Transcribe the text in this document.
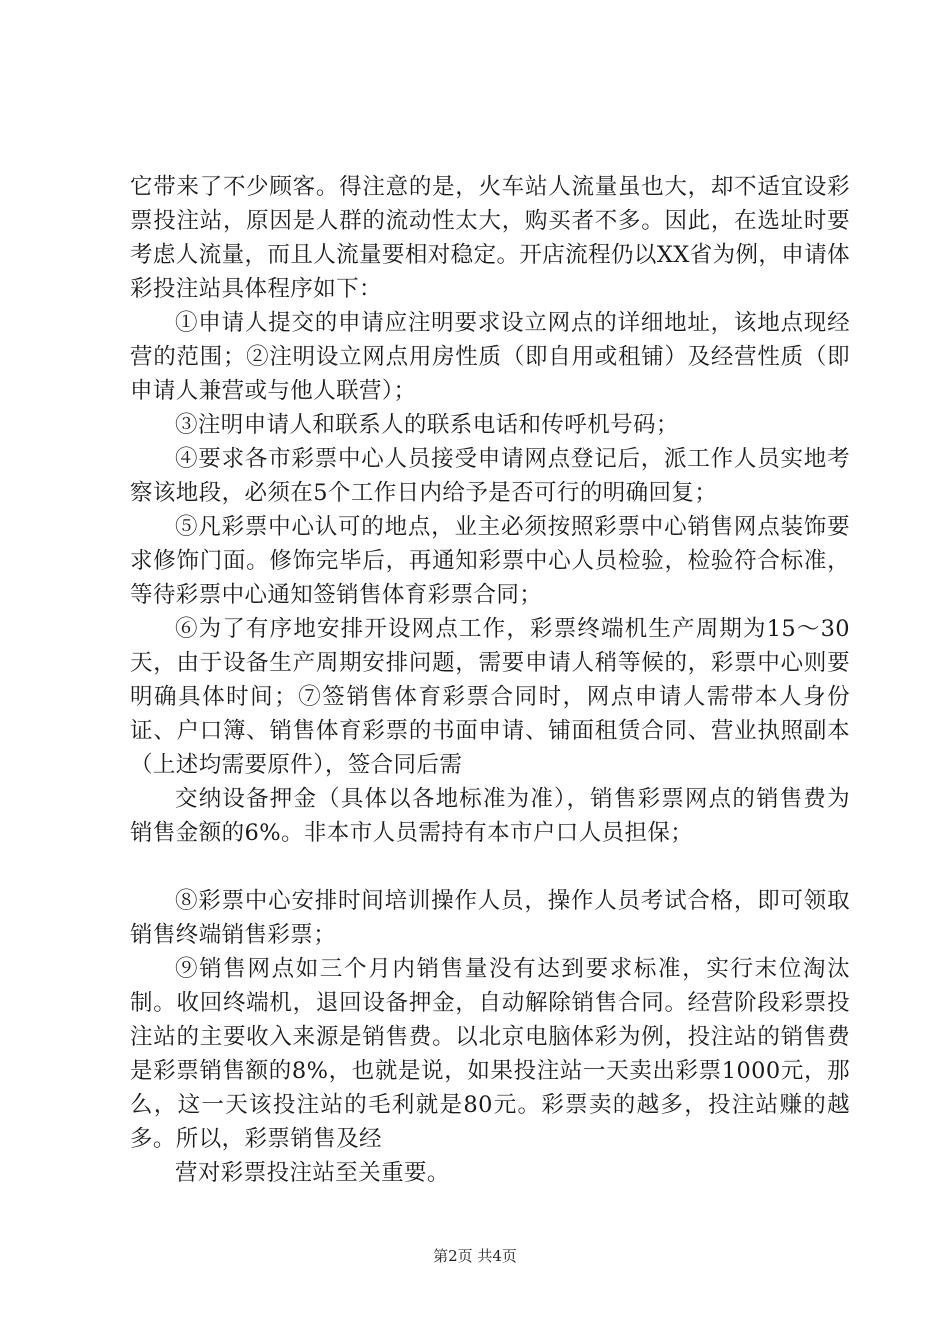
它带来了不少顾客。得注意的是，火车站人流量虽也大，却不适宜设彩票投注站，原因是人群的流动性太大，购买者不多。因此，在选址时要考虑人流量，而且人流量要相对稳定。开店流程仍以XX省为例，申请体彩投注站具体程序如下：

①申请人提交的申请应注明要求设立网点的详细地址，该地点现经营的范围；②注明设立网点用房性质（即自用或租铺）及经营性质（即申请人兼营或与他人联营）；

③注明申请人和联系人的联系电话和传呼机号码；

④要求各市彩票中心人员接受申请网点登记后，派工作人员实地考察该地段，必须在5个工作日内给予是否可行的明确回复；

⑤凡彩票中心认可的地点，业主必须按照彩票中心销售网点装饰要求修饰门面。修饰完毕后，再通知彩票中心人员检验，检验符合标准，等待彩票中心通知签销售体育彩票合同；

⑥为了有序地安排开设网点工作，彩票终端机生产周期为15～30天，由于设备生产周期安排问题，需要申请人稍等候的，彩票中心则要明确具体时间；⑦签销售体育彩票合同时，网点申请人需带本人身份证、户口簿、销售体育彩票的书面申请、铺面租赁合同、营业执照副本（上述均需要原件），签合同后需

交纳设备押金（具体以各地标准为准），销售彩票网点的销售费为销售金额的6%。非本市人员需持有本市户口人员担保；

⑧彩票中心安排时间培训操作人员，操作人员考试合格，即可领取销售终端销售彩票；

⑨销售网点如三个月内销售量没有达到要求标准，实行末位淘汰制。收回终端机，退回设备押金，自动解除销售合同。经营阶段彩票投注站的主要收入来源是销售费。以北京电脑体彩为例，投注站的销售费是彩票销售额的8%，也就是说，如果投注站一天卖出彩票1000元，那么，这一天该投注站的毛利就是80元。彩票卖的越多，投注站赚的越多。所以，彩票销售及经

营对彩票投注站至关重要。

第2页 共4页
